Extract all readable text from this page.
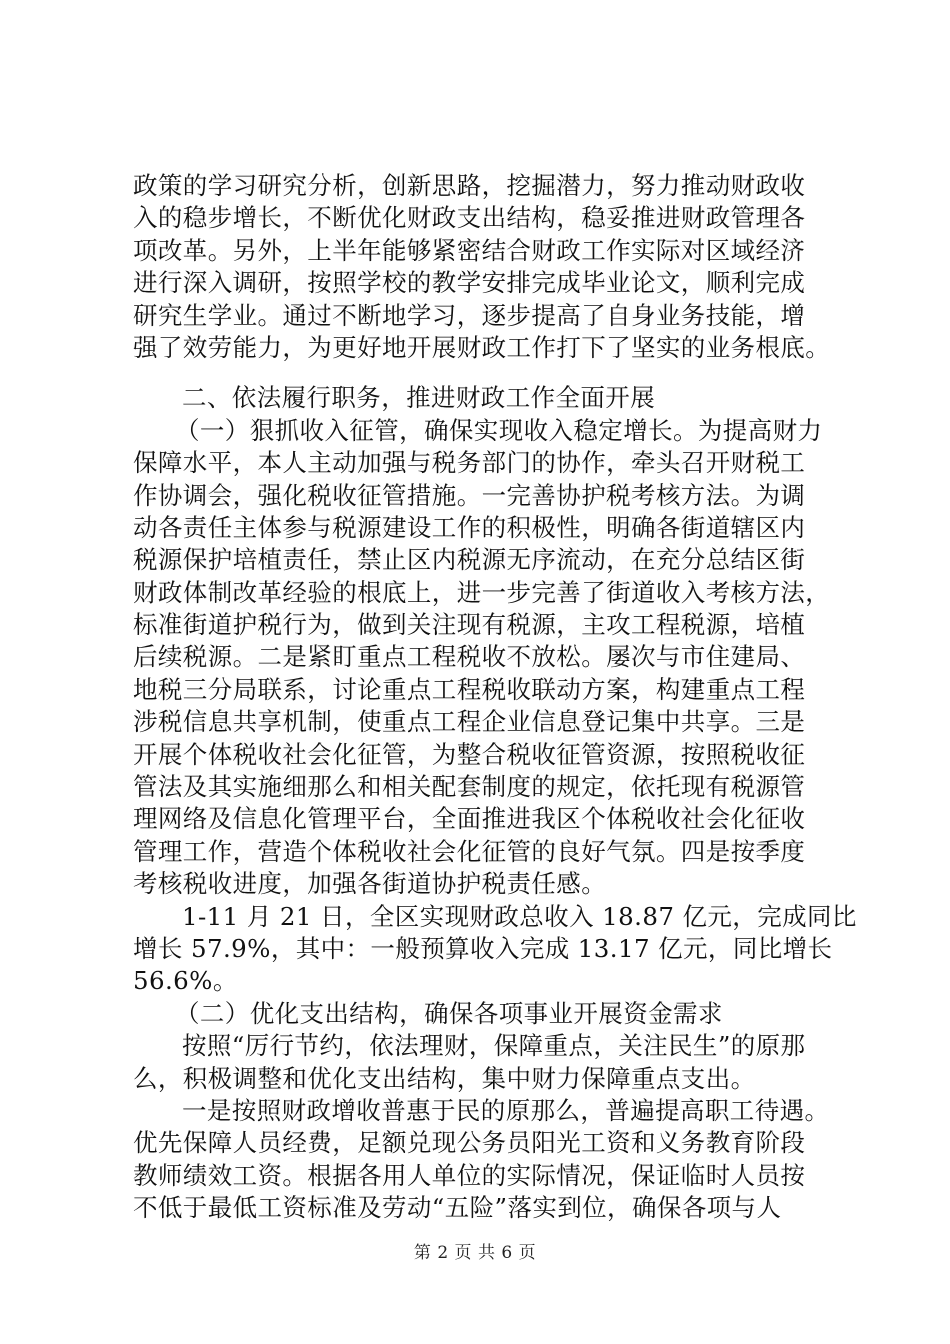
政策的学习研究分析，创新思路，挖掘潜力，努力推动财政收
入的稳步增长，不断优化财政支出结构，稳妥推进财政管理各
项改革。另外，上半年能够紧密结合财政工作实际对区域经济
进行深入调研，按照学校的教学安排完成毕业论文，顺利完成
研究生学业。通过不断地学习，逐步提高了自身业务技能，增
强了效劳能力，为更好地开展财政工作打下了坚实的业务根底。
二、依法履行职务，推进财政工作全面开展
（一）狠抓收入征管，确保实现收入稳定增长。为提高财力
保障水平，本人主动加强与税务部门的协作，牵头召开财税工
作协调会，强化税收征管措施。一完善协护税考核方法。为调
动各责任主体参与税源建设工作的积极性，明确各街道辖区内
税源保护培植责任，禁止区内税源无序流动，在充分总结区街
财政体制改革经验的根底上，进一步完善了街道收入考核方法，
标准街道护税行为，做到关注现有税源，主攻工程税源，培植
后续税源。二是紧盯重点工程税收不放松。屡次与市住建局、
地税三分局联系，讨论重点工程税收联动方案，构建重点工程
涉税信息共享机制，使重点工程企业信息登记集中共享。三是
开展个体税收社会化征管，为整合税收征管资源，按照税收征
管法及其实施细那么和相关配套制度的规定，依托现有税源管
理网络及信息化管理平台，全面推进我区个体税收社会化征收
管理工作，营造个体税收社会化征管的良好气氛。四是按季度
考核税收进度，加强各街道协护税责任感。
1-11 月 21 日，全区实现财政总收入 18.87 亿元，完成同比
增长 57.9%，其中：一般预算收入完成 13.17 亿元，同比增长
56.6%。
（二）优化支出结构，确保各项事业开展资金需求
按照“厉行节约，依法理财，保障重点，关注民生”的原那
么，积极调整和优化支出结构，集中财力保障重点支出。
一是按照财政增收普惠于民的原那么，普遍提高职工待遇。
优先保障人员经费，足额兑现公务员阳光工资和义务教育阶段
教师绩效工资。根据各用人单位的实际情况，保证临时人员按
不低于最低工资标准及劳动“五险”落实到位，确保各项与人
第 2 页 共 6 页
